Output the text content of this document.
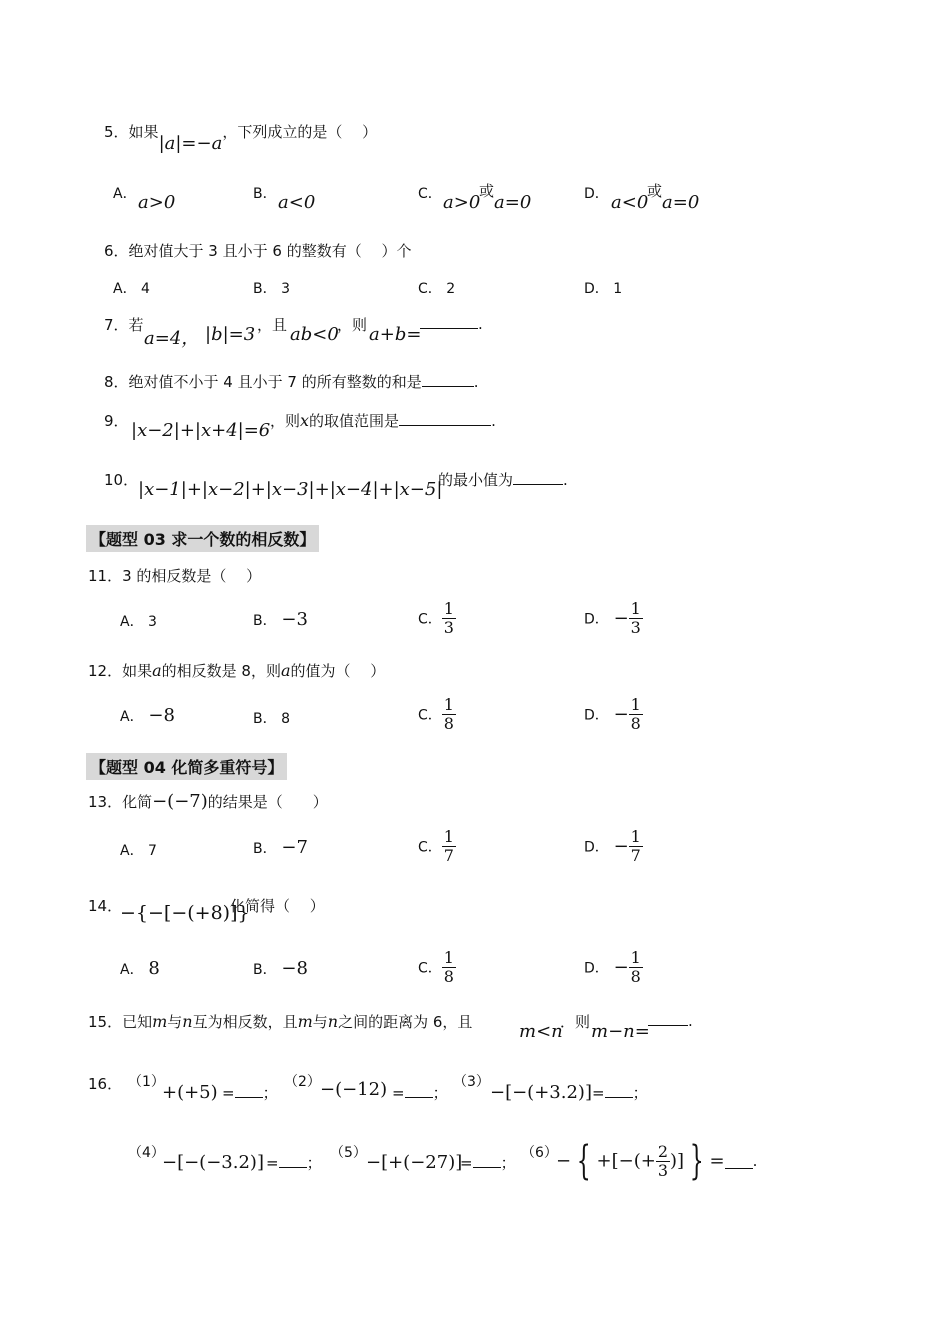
5．如果|a|=−a，下列成立的是（　 ）
A． a>0	B． a<0	C． a>0
或
a=0	D． a<0
或
a=0
6．绝对值大于 3 且小于 6 的整数有（　 ）个
A． 4	B． 3	C． 2	D． 1
7．若
a=4， |b|=3 ，且 ab<0
，则 a+b=	.
8．绝对值不小于 4 且小于 7 的所有整数的和是	.
9． |x−2|+|x+4|=6 ，则x的取值范围是	.
10． |x−1|+|x−2|+|x−3|+|x−4|+|x−5|
的最小值为	.
【题型 03 求一个数的相反数】
11．3 的相反数是（　 ）
A． 3	B． −3	C． $\frac{1}{3}$	D． − $\frac{1}{3}$
12．如果a的相反数是 8，则a的值为（　 ）
A． −8	B． 8	C． $\frac{1}{8}$	D． − $\frac{1}{8}$
【题型 04 化简多重符号】
13．化简−(−7)的结果是（　　）
A． 7	B． −7	C． $\frac{1}{7}$	D． − $\frac{1}{7}$
14．
−{−[−(+8)]}
化简得（　 ）
A． 8	B． −8	C． $\frac{1}{8}$	D． − $\frac{1}{8}$
15．已知m与n互为相反数，且m与n之间的距离为 6，且	m<n
．则 m−n=	.
16． （1）
+(+5) = ；
（2） −(−12) = ；
（3） −[−(+3.2)] = ；
（4）
−[−(−3.2)] = ；
（5） −[+(−27)]
= ；
（6）
− { +[−(+ $\frac{2}{3}$ )] } = .
